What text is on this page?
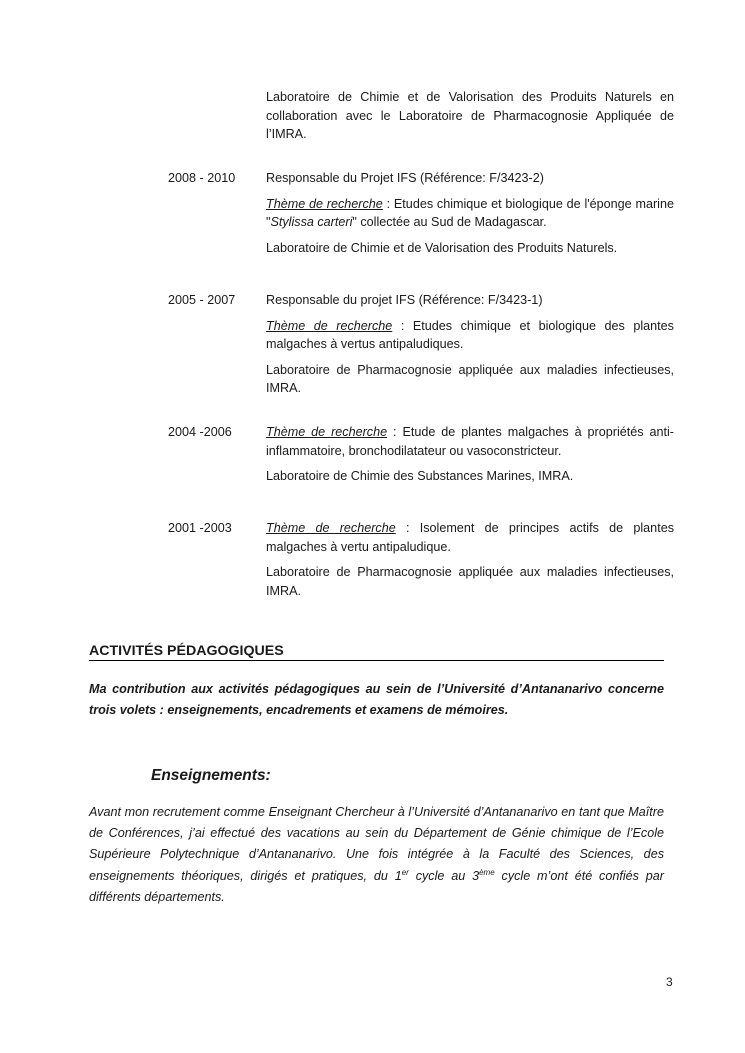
Laboratoire de Chimie et de Valorisation des Produits Naturels en collaboration avec le Laboratoire de Pharmacognosie Appliquée de l’IMRA.

2008 - 2010 Responsable du Projet IFS (Référence: F/3423-2)

Thème de recherche : Etudes chimique et biologique de l'éponge marine "Stylissa carteri" collectée au Sud de Madagascar.

Laboratoire de Chimie et de Valorisation des Produits Naturels.

2005 - 2007 Responsable du projet IFS (Référence: F/3423-1)

Thème de recherche : Etudes chimique et biologique des plantes malgaches à vertus antipaludiques.

Laboratoire de Pharmacognosie appliquée aux maladies infectieuses, IMRA.

2004 -2006	Thème de recherche : Etude de plantes malgaches à propriétés anti-inflammatoire, bronchodilatateur ou vasoconstricteur.

Laboratoire de Chimie des Substances Marines, IMRA.

2001 -2003	Thème de recherche : Isolement de principes actifs de plantes malgaches à vertu antipaludique.

Laboratoire de Pharmacognosie appliquée aux maladies infectieuses, IMRA.

ACTIVITÉS PÉDAGOGIQUES

Ma contribution aux activités pédagogiques au sein de l’Université d’Antananarivo concerne trois volets : enseignements, encadrements et examens de mémoires.

Enseignements:

Avant mon recrutement comme Enseignant Chercheur à l’Université d’Antananarivo en tant que Maître de Conférences, j’ai effectué des vacations au sein du Département de Génie chimique de l’Ecole Supérieure Polytechnique d’Antananarivo. Une fois intégrée à la Faculté des Sciences, des enseignements théoriques, dirigés et pratiques, du 1er cycle au 3ème cycle m’ont été confiés par différents départements.

3
